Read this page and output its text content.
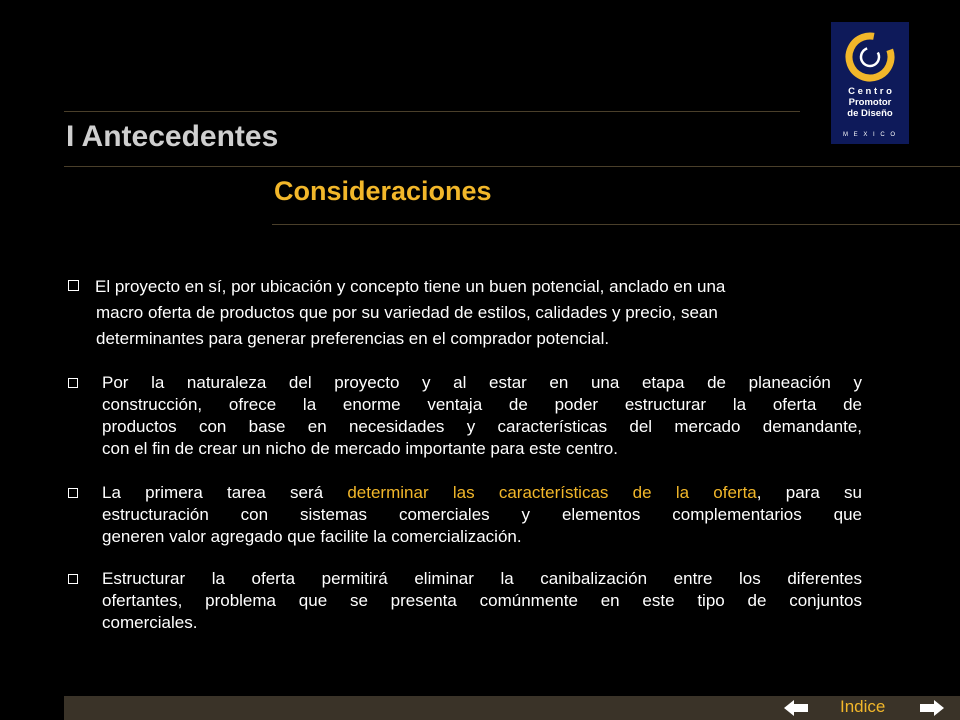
I Antecedentes
Consideraciones
C e n t r o
Promotor
de Diseño
M E X I C O
El proyecto en sí, por ubicación y concepto tiene un buen potencial, anclado en una
macro oferta de productos que por su variedad de estilos, calidades y precio, sean
determinantes para generar preferencias en el comprador potencial.

Por la naturaleza del proyecto y al estar en una etapa de planeación y

construcción, ofrece la enorme ventaja de poder estructurar la oferta de

productos con base en necesidades y características del mercado demandante,

con el fin de crear un nicho de mercado importante para este centro.

La primera tarea será determinar las características de la oferta, para su

estructuración con sistemas comerciales y elementos complementarios que

generen valor agregado que facilite la comercialización.

Estructurar la oferta permitirá eliminar la canibalización entre los diferentes

ofertantes, problema que se presenta comúnmente en este tipo de conjuntos

comerciales.

Indice
